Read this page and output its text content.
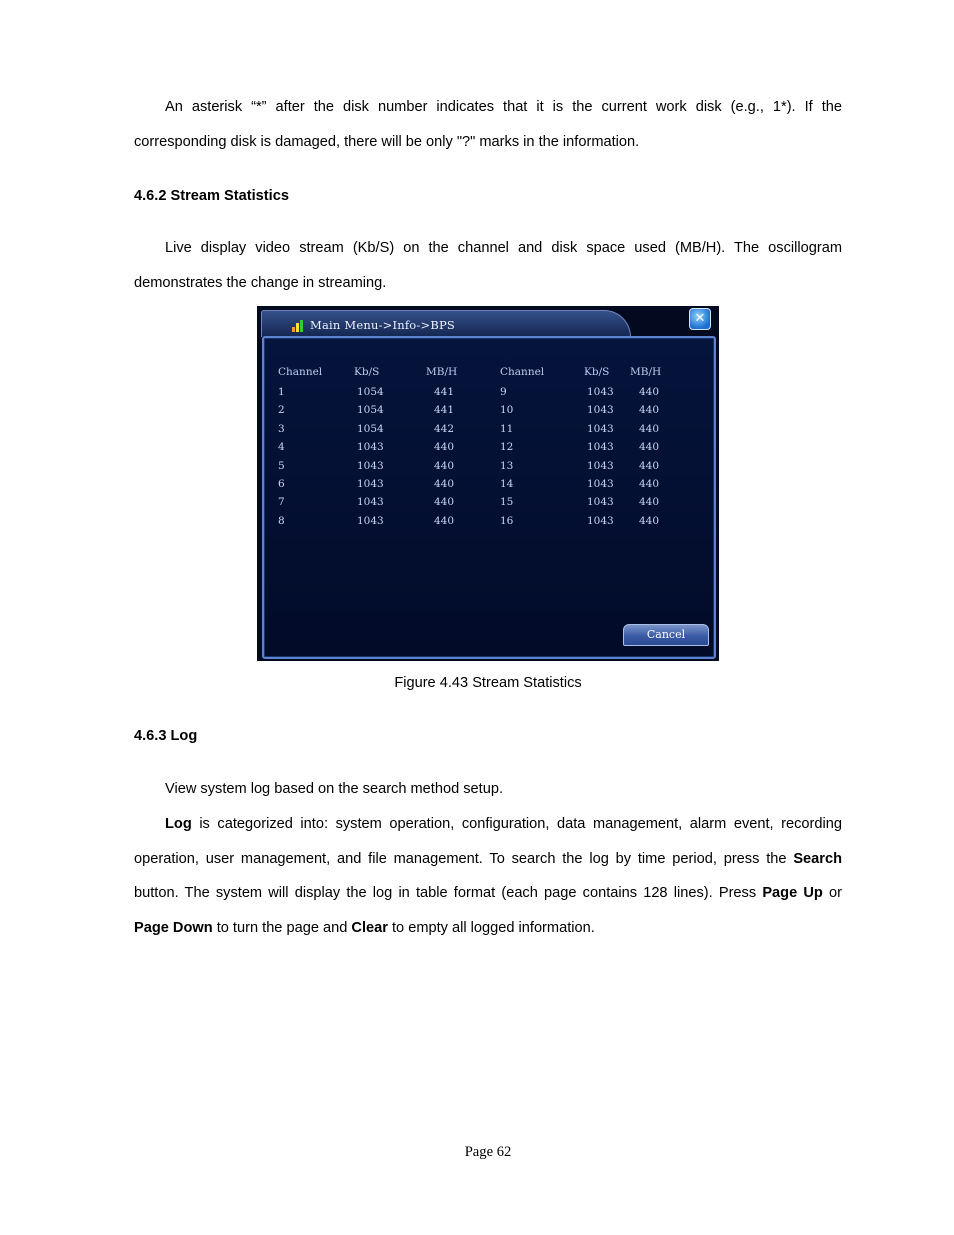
An asterisk “*” after the disk number indicates that it is the current work disk (e.g., 1*). If the corresponding disk is damaged, there will be only "?" marks in the information.

4.6.2 Stream Statistics

Live display video stream (Kb/S) on the channel and disk space used (MB/H). The oscillogram demonstrates the change in streaming.

Main Menu->Info->BPS	✕
Channel	Kb/S	MB/H	Channel	Kb/S MB/H
1	1054	441	9	1043 440
2	1054	441	10	1043 440
3	1054	442	11	1043 440
4	1043	440	12	1043 440
5	1043	440	13	1043 440
6	1043	440	14	1043 440
7	1043	440	15	1043 440
8	1043	440	16	1043 440
Cancel
Figure 4.43 Stream Statistics

4.6.3 Log

View system log based on the search method setup.

Log is categorized into: system operation, configuration, data management, alarm event, recording operation, user management, and file management. To search the log by time period, press the Search button. The system will display the log in table format (each page contains 128 lines). Press Page Up or Page Down to turn the page and Clear to empty all logged information.

Page 62
